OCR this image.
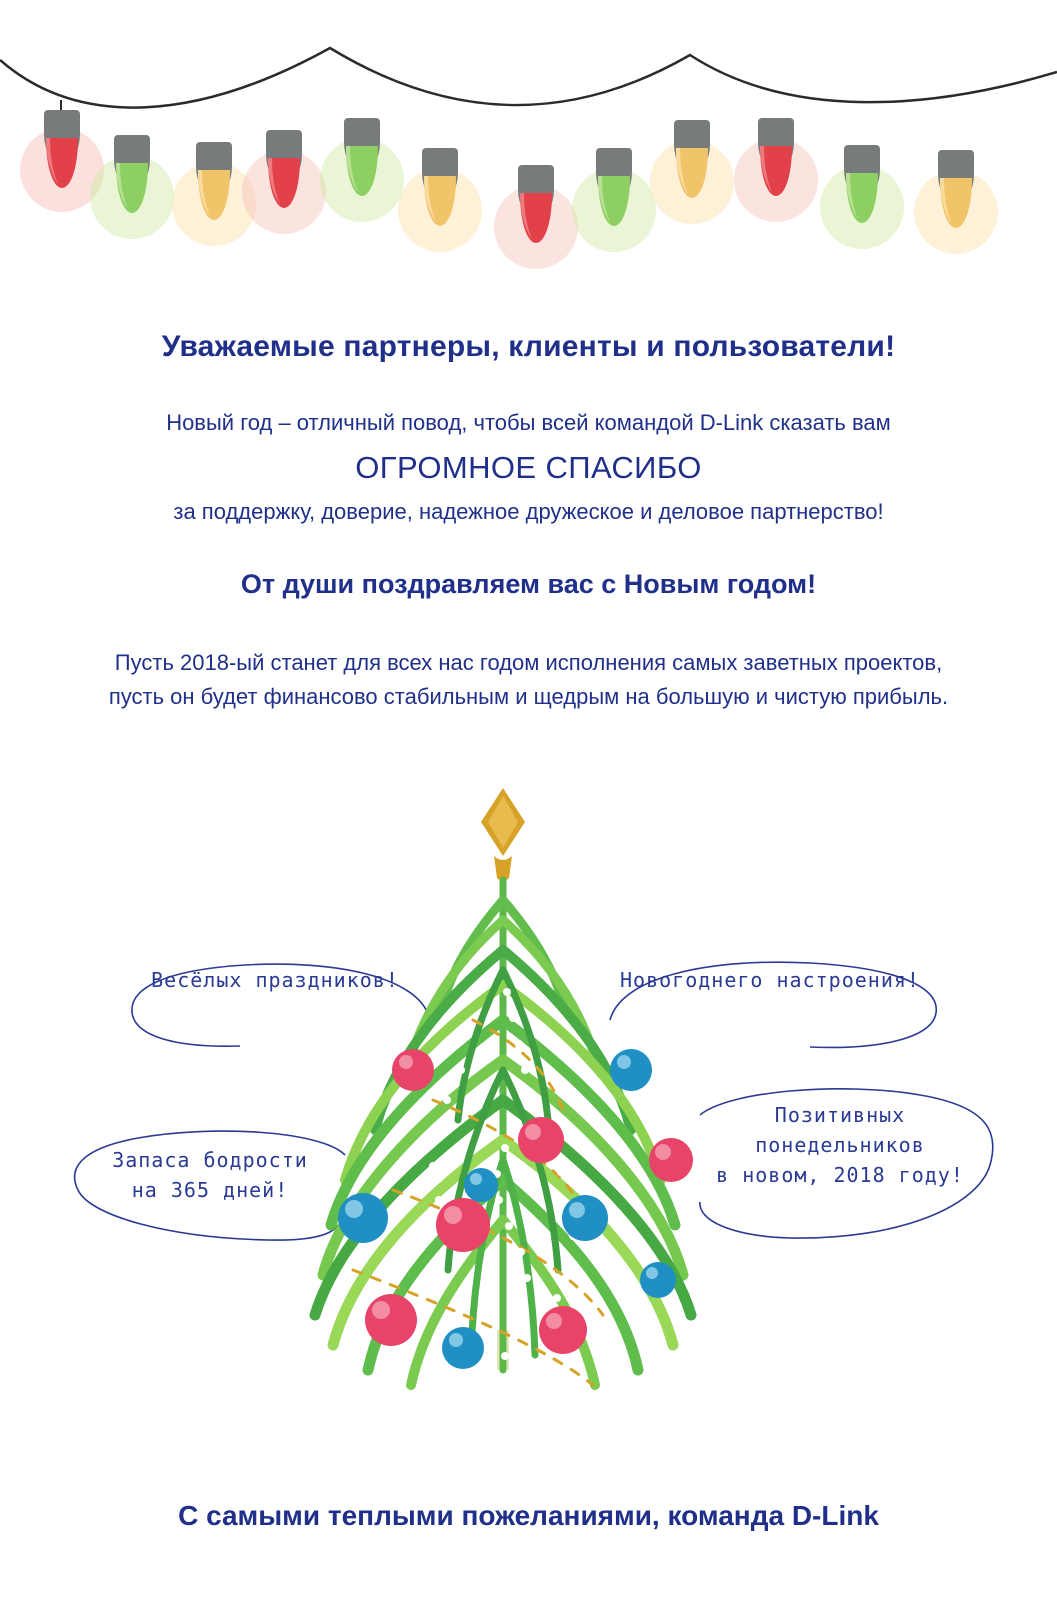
Уважаемые партнеры, клиенты и пользователи!
Новый год – отличный повод, чтобы всей командой D-Link сказать вам
ОГРОМНОЕ СПАСИБО
за поддержку, доверие, надежное дружеское и деловое партнерство!
От души поздравляем вас с Новым годом!
Пусть 2018-ый станет для всех нас годом исполнения самых заветных проектов,
пусть он будет финансово стабильным и щедрым на большую и чистую прибыль.
Весёлых праздников!	Новогоднего настроения!
Запаса бодрости
на 365 дней!
Позитивных
понедельников
в новом, 2018 году!
С самыми теплыми пожеланиями, команда D-Link
